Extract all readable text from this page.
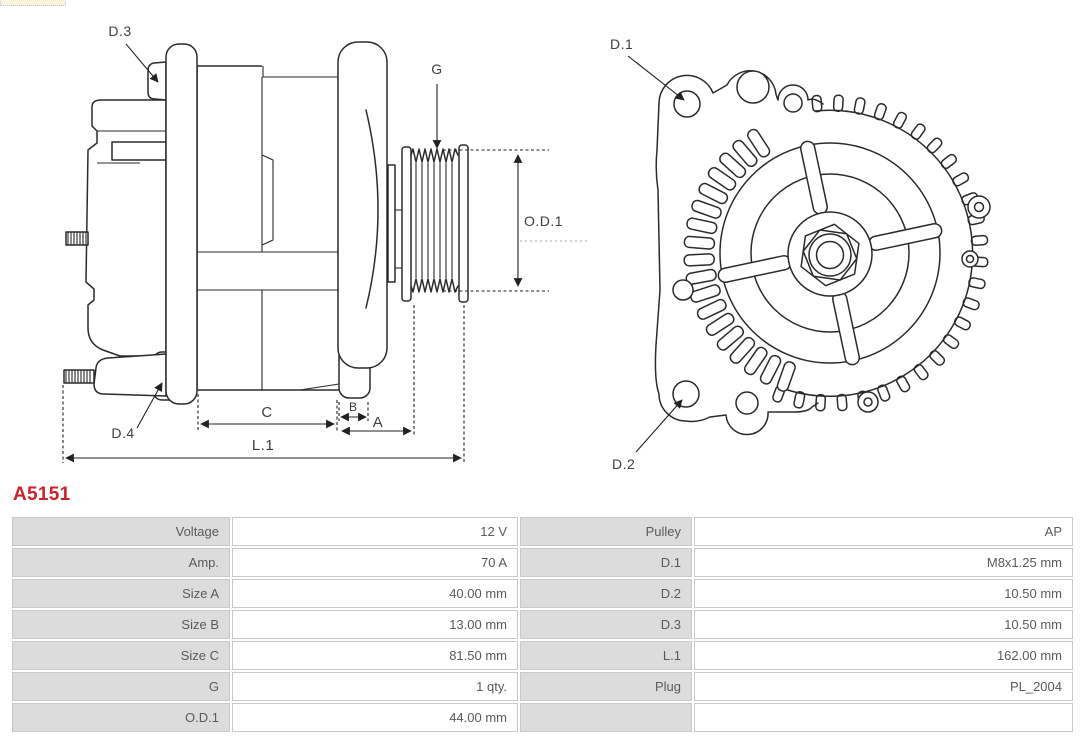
G
O.D.1
D.3
D.4
C	B
A
L.1
D.1
D.2
A5151
Voltage	12 V	Pulley	AP
Amp.	70 A	D.1	M8x1.25 mm
Size A	40.00 mm	D.2	10.50 mm
Size B	13.00 mm	D.3	10.50 mm
Size C	81.50 mm	L.1	162.00 mm
G	1 qty.	Plug	PL_2004
O.D.1	44.00 mm		
